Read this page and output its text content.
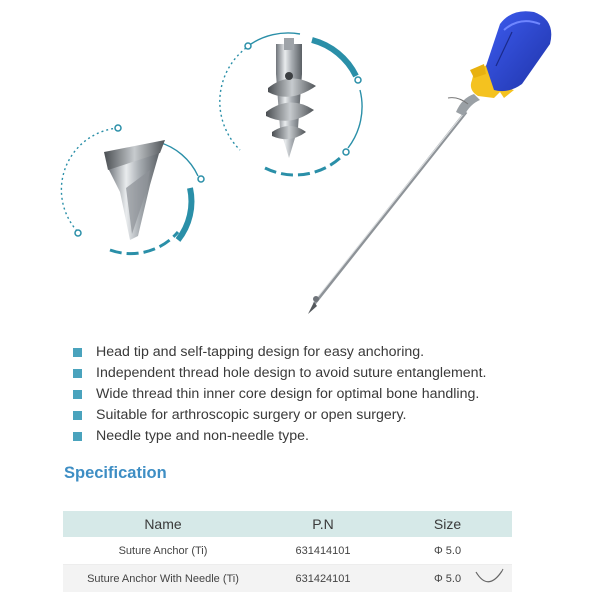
Head tip and self-tapping design for easy anchoring.
Independent thread hole design to avoid suture entanglement.
Wide thread thin inner core design for optimal bone handling.
Suitable for arthroscopic surgery or open surgery.
Needle type and non-needle type.
Specification
Name	P.N	Size
Suture Anchor (Ti)	631414101	Φ 5.0
Suture Anchor With Needle (Ti)	631424101	Φ 5.0
